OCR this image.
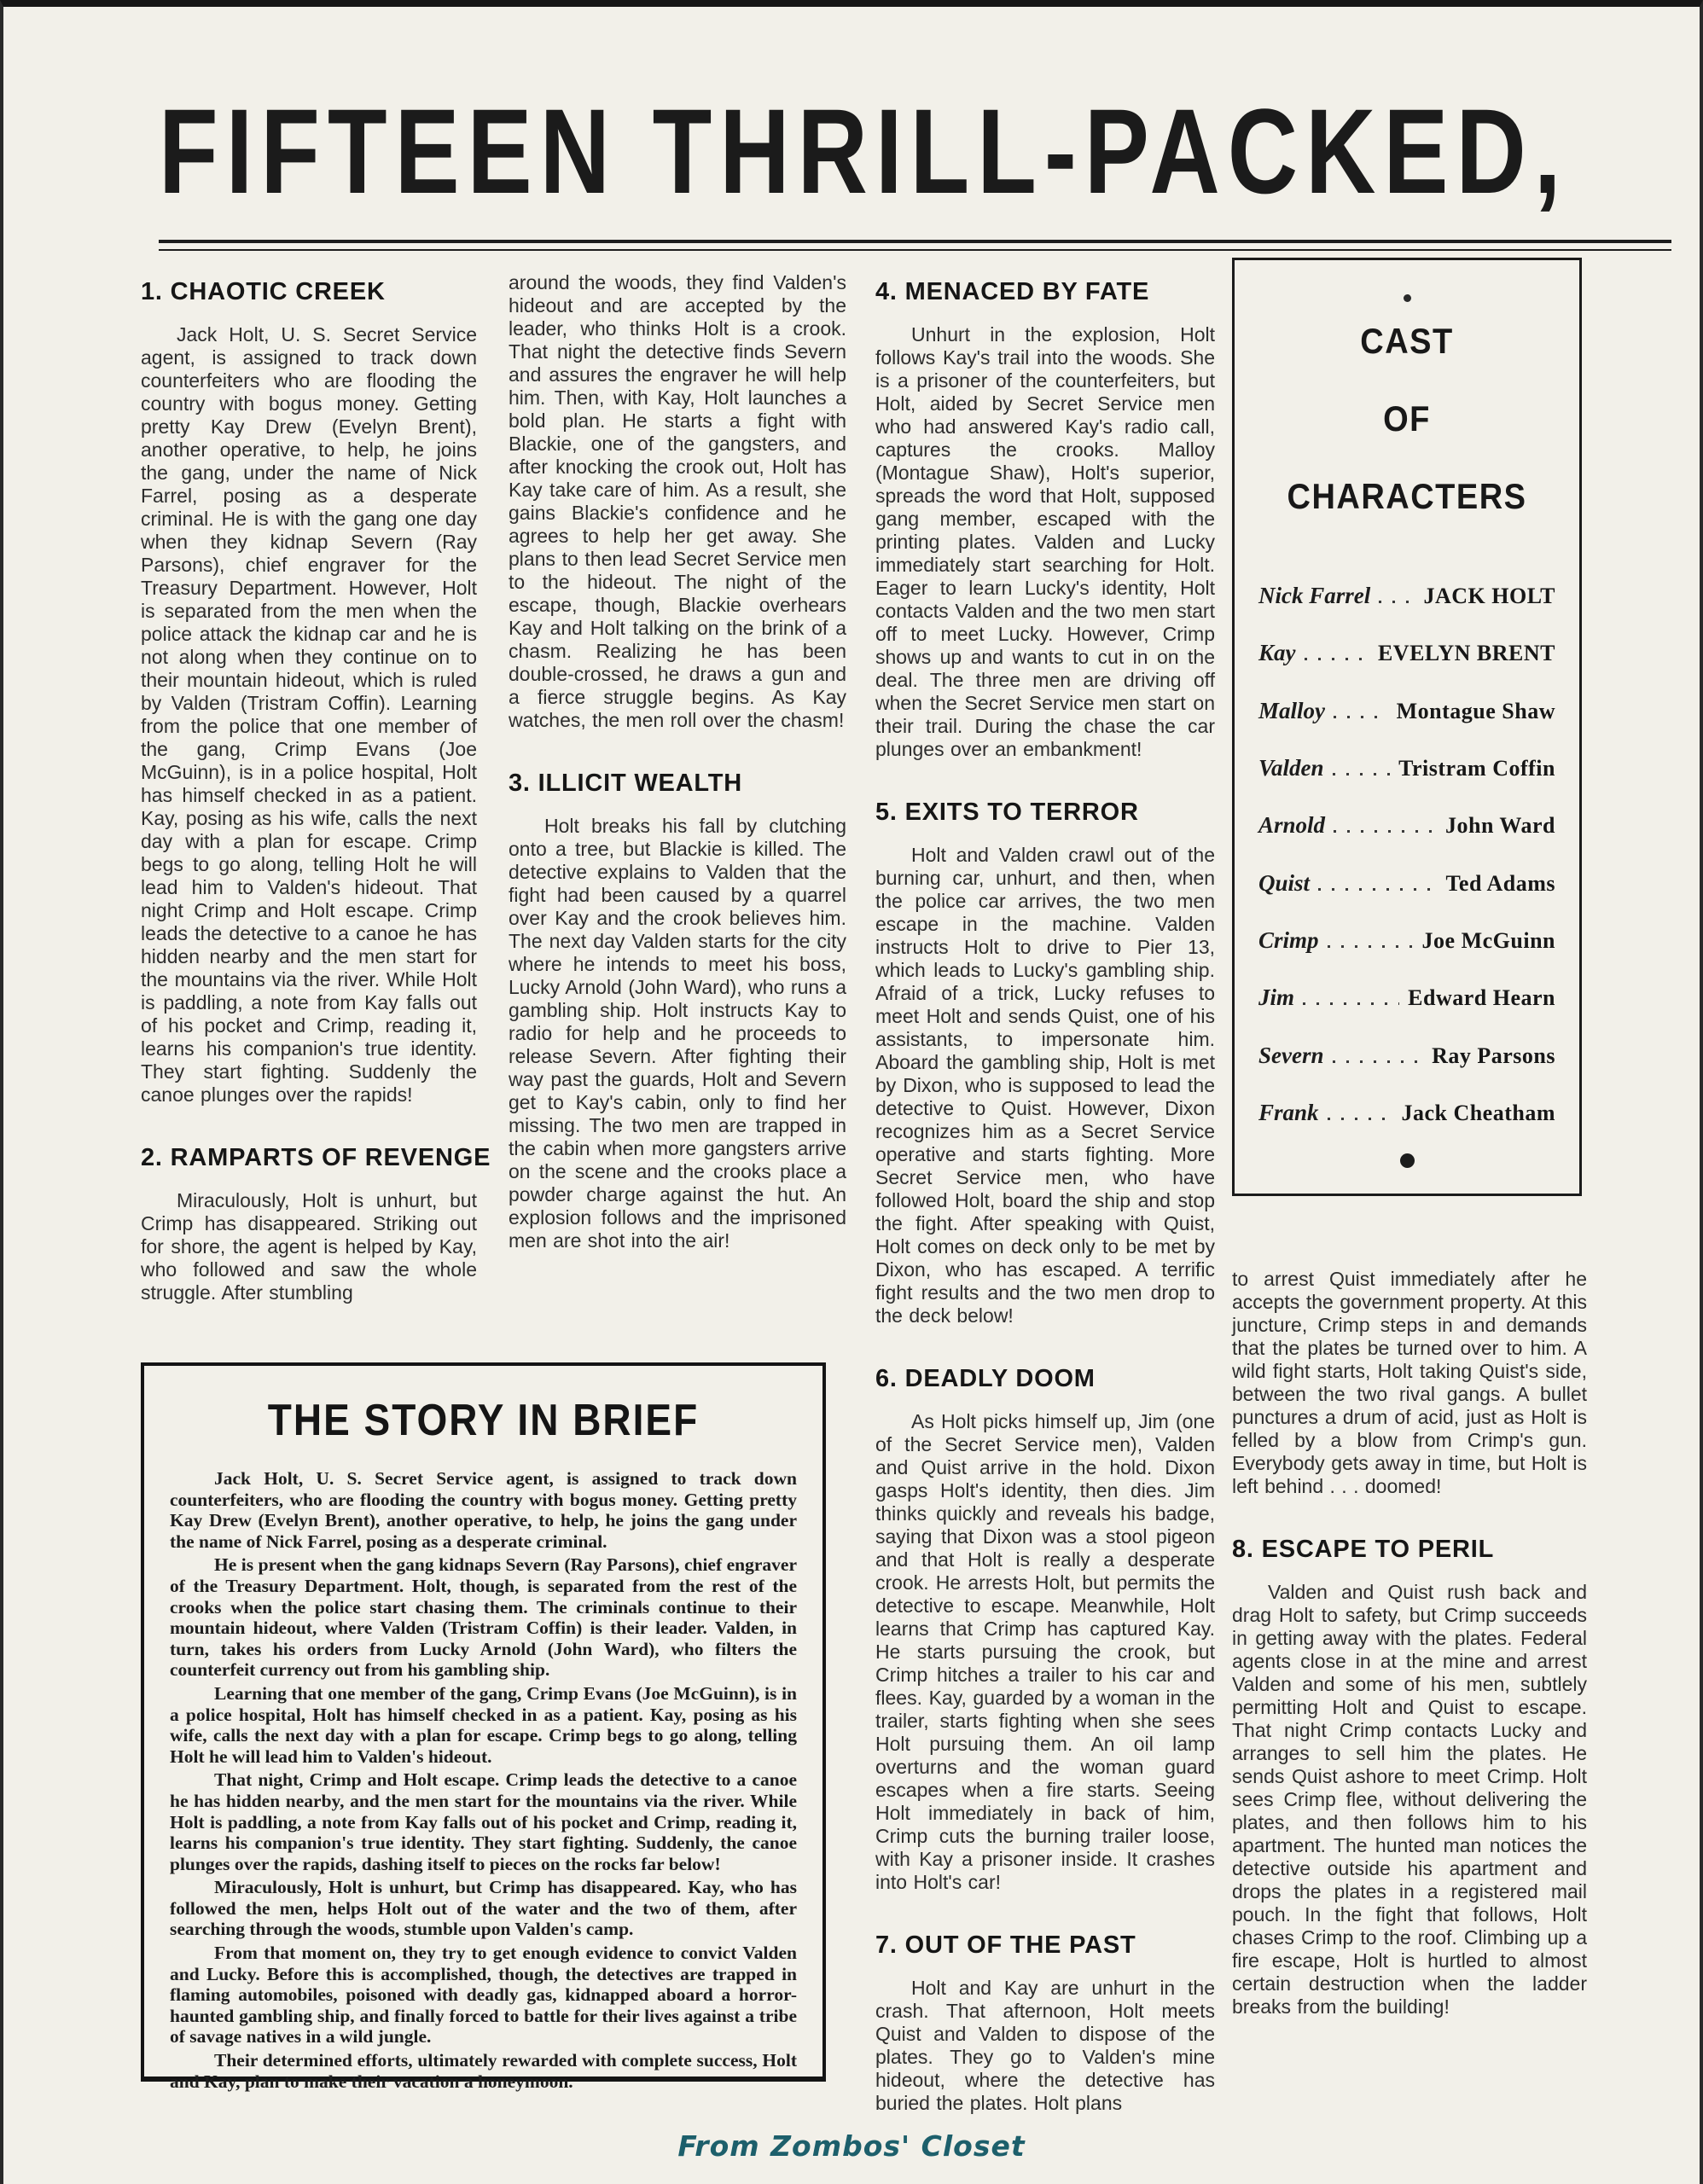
FIFTEEN THRILL-PACKED,
1. CHAOTIC CREEK

Jack Holt, U. S. Secret Service agent, is assigned to track down counterfeiters who are flooding the country with bogus money. Getting pretty Kay Drew (Evelyn Brent), another operative, to help, he joins the gang, under the name of Nick Farrel, posing as a desperate criminal. He is with the gang one day when they kidnap Severn (Ray Parsons), chief engraver for the Treasury Department. However, Holt is separated from the men when the police attack the kidnap car and he is not along when they continue on to their mountain hideout, which is ruled by Valden (Tristram Coffin). Learning from the police that one member of the gang, Crimp Evans (Joe McGuinn), is in a police hospital, Holt has himself checked in as a patient. Kay, posing as his wife, calls the next day with a plan for escape. Crimp begs to go along, telling Holt he will lead him to Valden's hideout. That night Crimp and Holt escape. Crimp leads the detective to a canoe he has hidden nearby and the men start for the mountains via the river. While Holt is paddling, a note from Kay falls out of his pocket and Crimp, reading it, learns his companion's true identity. They start fighting. Suddenly the canoe plunges over the rapids!

2. RAMPARTS OF REVENGE

Miraculously, Holt is unhurt, but Crimp has disappeared. Striking out for shore, the agent is helped by Kay, who followed and saw the whole struggle. After stumbling

around the woods, they find Valden's hideout and are accepted by the leader, who thinks Holt is a crook. That night the detective finds Severn and assures the engraver he will help him. Then, with Kay, Holt launches a bold plan. He starts a fight with Blackie, one of the gangsters, and after knocking the crook out, Holt has Kay take care of him. As a result, she gains Blackie's confidence and he agrees to help her get away. She plans to then lead Secret Service men to the hideout. The night of the escape, though, Blackie overhears Kay and Holt talking on the brink of a chasm. Realizing he has been double-crossed, he draws a gun and a fierce struggle begins. As Kay watches, the men roll over the chasm!

3. ILLICIT WEALTH

Holt breaks his fall by clutching onto a tree, but Blackie is killed. The detective explains to Valden that the fight had been caused by a quarrel over Kay and the crook believes him. The next day Valden starts for the city where he intends to meet his boss, Lucky Arnold (John Ward), who runs a gambling ship. Holt instructs Kay to radio for help and he proceeds to release Severn. After fighting their way past the guards, Holt and Severn get to Kay's cabin, only to find her missing. The two men are trapped in the cabin when more gangsters arrive on the scene and the crooks place a powder charge against the hut. An explosion follows and the imprisoned men are shot into the air!

4. MENACED BY FATE

Unhurt in the explosion, Holt follows Kay's trail into the woods. She is a prisoner of the counterfeiters, but Holt, aided by Secret Service men who had answered Kay's radio call, captures the crooks. Malloy (Montague Shaw), Holt's superior, spreads the word that Holt, supposed gang member, escaped with the printing plates. Valden and Lucky immediately start searching for Holt. Eager to learn Lucky's identity, Holt contacts Valden and the two men start off to meet Lucky. However, Crimp shows up and wants to cut in on the deal. The three men are driving off when the Secret Service men start on their trail. During the chase the car plunges over an embankment!

5. EXITS TO TERROR

Holt and Valden crawl out of the burning car, unhurt, and then, when the police car arrives, the two men escape in the machine. Valden instructs Holt to drive to Pier 13, which leads to Lucky's gambling ship. Afraid of a trick, Lucky refuses to meet Holt and sends Quist, one of his assistants, to impersonate him. Aboard the gambling ship, Holt is met by Dixon, who is supposed to lead the detective to Quist. However, Dixon recognizes him as a Secret Service operative and starts fighting. More Secret Service men, who have followed Holt, board the ship and stop the fight. After speaking with Quist, Holt comes on deck only to be met by Dixon, who has escaped. A terrific fight results and the two men drop to the deck below!

6. DEADLY DOOM

As Holt picks himself up, Jim (one of the Secret Service men), Valden and Quist arrive in the hold. Dixon gasps Holt's identity, then dies. Jim thinks quickly and reveals his badge, saying that Dixon was a stool pigeon and that Holt is really a desperate crook. He arrests Holt, but permits the detective to escape. Meanwhile, Holt learns that Crimp has captured Kay. He starts pursuing the crook, but Crimp hitches a trailer to his car and flees. Kay, guarded by a woman in the trailer, starts fighting when she sees Holt pursuing them. An oil lamp overturns and the woman guard escapes when a fire starts. Seeing Holt immediately in back of him, Crimp cuts the burning trailer loose, with Kay a prisoner inside. It crashes into Holt's car!

7. OUT OF THE PAST

Holt and Kay are unhurt in the crash. That afternoon, Holt meets Quist and Valden to dispose of the plates. They go to Valden's mine hideout, where the detective has buried the plates. Holt plans

CAST
OF
CHARACTERS
Nick Farrel JACK HOLT
Kay	EVELYN BRENT
Malloy	Montague Shaw
Valden	Tristram Coffin
Arnold	John Ward
Quist	Ted Adams
Crimp	Joe McGuinn
Jim	Edward Hearn
Severn	Ray Parsons
Frank	Jack Cheatham

to arrest Quist immediately after he accepts the government property. At this juncture, Crimp steps in and demands that the plates be turned over to him. A wild fight starts, Holt taking Quist's side, between the two rival gangs. A bullet punctures a drum of acid, just as Holt is felled by a blow from Crimp's gun. Everybody gets away in time, but Holt is left behind . . . doomed!

8. ESCAPE TO PERIL

Valden and Quist rush back and drag Holt to safety, but Crimp succeeds in getting away with the plates. Federal agents close in at the mine and arrest Valden and some of his men, subtlely permitting Holt and Quist to escape. That night Crimp contacts Lucky and arranges to sell him the plates. He sends Quist ashore to meet Crimp. Holt sees Crimp flee, without delivering the plates, and then follows him to his apartment. The hunted man notices the detective outside his apartment and drops the plates in a registered mail pouch. In the fight that follows, Holt chases Crimp to the roof. Climbing up a fire escape, Holt is hurtled to almost certain destruction when the ladder breaks from the building!

THE STORY IN BRIEF

Jack Holt, U. S. Secret Service agent, is assigned to track down counterfeiters, who are flooding the country with bogus money. Getting pretty Kay Drew (Evelyn Brent), another operative, to help, he joins the gang under the name of Nick Farrel, posing as a desperate criminal.

He is present when the gang kidnaps Severn (Ray Parsons), chief engraver of the Treasury Department. Holt, though, is separated from the rest of the crooks when the police start chasing them. The criminals continue to their mountain hideout, where Valden (Tristram Coffin) is their leader. Valden, in turn, takes his orders from Lucky Arnold (John Ward), who filters the counterfeit currency out from his gambling ship.

Learning that one member of the gang, Crimp Evans (Joe McGuinn), is in a police hospital, Holt has himself checked in as a patient. Kay, posing as his wife, calls the next day with a plan for escape. Crimp begs to go along, telling Holt he will lead him to Valden's hideout.

That night, Crimp and Holt escape. Crimp leads the detective to a canoe he has hidden nearby, and the men start for the mountains via the river. While Holt is paddling, a note from Kay falls out of his pocket and Crimp, reading it, learns his companion's true identity. They start fighting. Suddenly, the canoe plunges over the rapids, dashing itself to pieces on the rocks far below!

Miraculously, Holt is unhurt, but Crimp has disappeared. Kay, who has followed the men, helps Holt out of the water and the two of them, after searching through the woods, stumble upon Valden's camp.

From that moment on, they try to get enough evidence to convict Valden and Lucky. Before this is accomplished, though, the detectives are trapped in flaming automobiles, poisoned with deadly gas, kidnapped aboard a horror-haunted gambling ship, and finally forced to battle for their lives against a tribe of savage natives in a wild jungle.

Their determined efforts, ultimately rewarded with complete success, Holt and Kay, plan to make their vacation a honeymoon.

From Zombos' Closet
